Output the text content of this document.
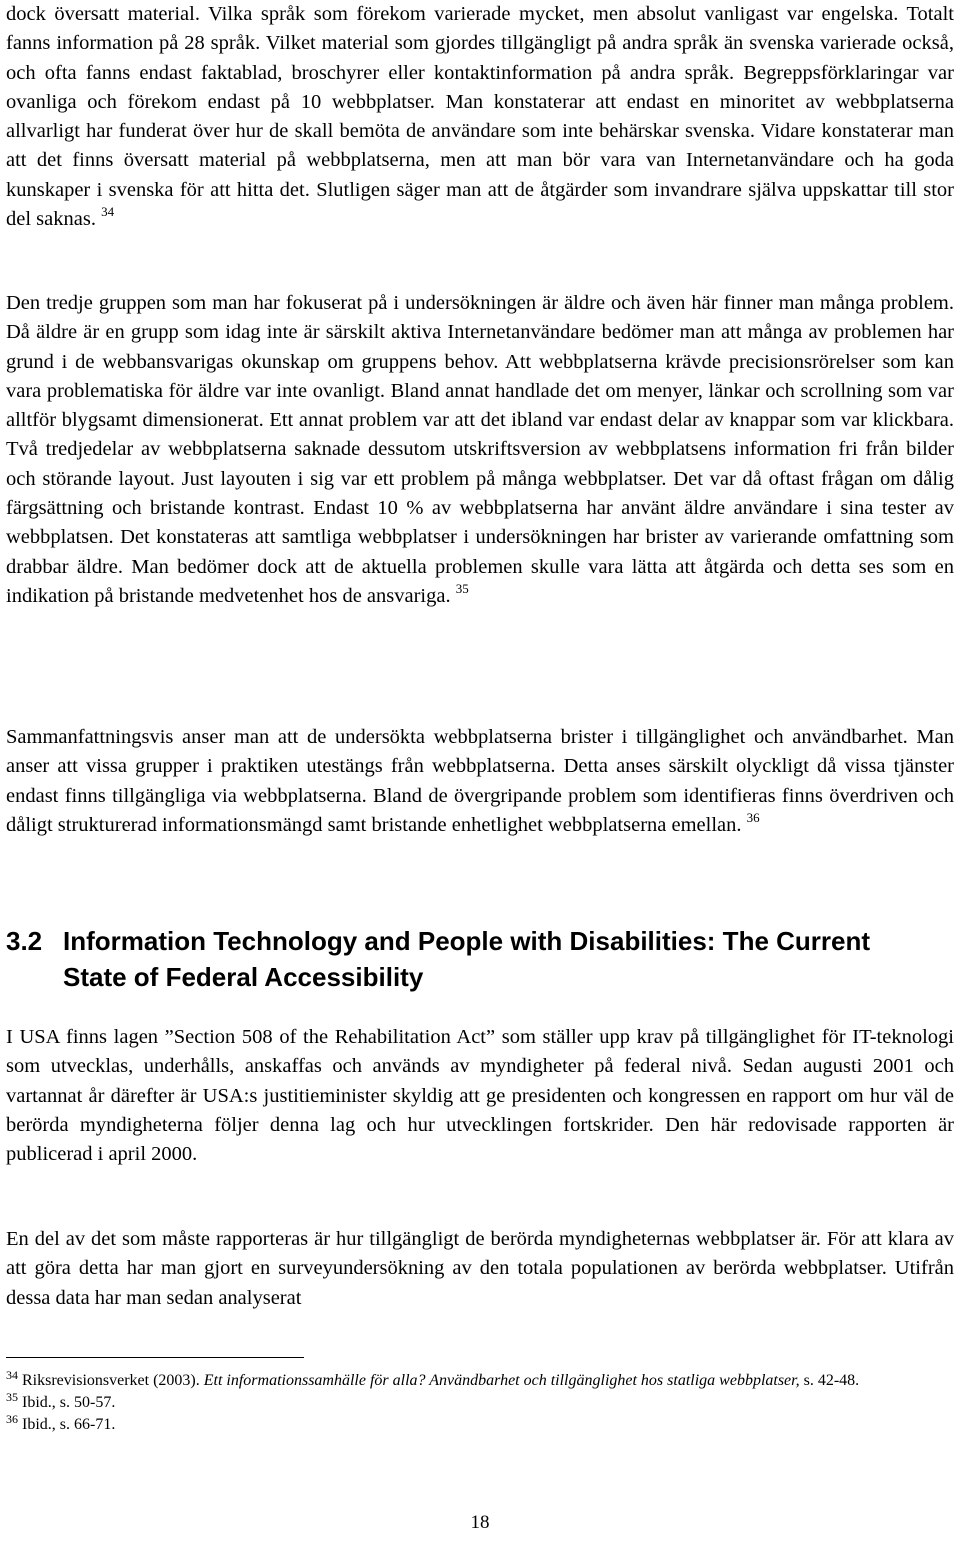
dock översatt material. Vilka språk som förekom varierade mycket, men absolut vanligast var engelska. Totalt fanns information på 28 språk. Vilket material som gjordes tillgängligt på andra språk än svenska varierade också, och ofta fanns endast faktablad, broschyrer eller kontaktinformation på andra språk. Begreppsförklaringar var ovanliga och förekom endast på 10 webbplatser. Man konstaterar att endast en minoritet av webbplatserna allvarligt har funderat över hur de skall bemöta de användare som inte behärskar svenska. Vidare konstaterar man att det finns översatt material på webbplatserna, men att man bör vara van Internetanvändare och ha goda kunskaper i svenska för att hitta det. Slutligen säger man att de åtgärder som invandrare själva uppskattar till stor del saknas. $^{34}$

Den tredje gruppen som man har fokuserat på i undersökningen är äldre och även här finner man många problem. Då äldre är en grupp som idag inte är särskilt aktiva Internetanvändare bedömer man att många av problemen har grund i de webbansvarigas okunskap om gruppens behov. Att webbplatserna krävde precisionsrörelser som kan vara problematiska för äldre var inte ovanligt. Bland annat handlade det om menyer, länkar och scrollning som var alltför blygsamt dimensionerat. Ett annat problem var att det ibland var endast delar av knappar som var klickbara. Två tredjedelar av webbplatserna saknade dessutom utskriftsversion av webbplatsens information fri från bilder och störande layout. Just layouten i sig var ett problem på många webbplatser. Det var då oftast frågan om dålig färgsättning och bristande kontrast. Endast 10 % av webbplatserna har använt äldre användare i sina tester av webbplatsen. Det konstateras att samtliga webbplatser i undersökningen har brister av varierande omfattning som drabbar äldre. Man bedömer dock att de aktuella problemen skulle vara lätta att åtgärda och detta ses som en indikation på bristande medvetenhet hos de ansvariga. $^{35}$

Sammanfattningsvis anser man att de undersökta webbplatserna brister i tillgänglighet och användbarhet. Man anser att vissa grupper i praktiken utestängs från webbplatserna. Detta anses särskilt olyckligt då vissa tjänster endast finns tillgängliga via webbplatserna. Bland de övergripande problem som identifieras finns överdriven och dåligt strukturerad informationsmängd samt bristande enhetlighet webbplatserna emellan. $^{36}$

3.2 Information Technology and People with Disabilities: The Current State of Federal Accessibility

I USA finns lagen ”Section 508 of the Rehabilitation Act” som ställer upp krav på tillgänglighet för IT-teknologi som utvecklas, underhålls, anskaffas och används av myndigheter på federal nivå. Sedan augusti 2001 och vartannat år därefter är USA:s justitieminister skyldig att ge presidenten och kongressen en rapport om hur väl de berörda myndigheterna följer denna lag och hur utvecklingen fortskrider. Den här redovisade rapporten är publicerad i april 2000.

En del av det som måste rapporteras är hur tillgängligt de berörda myndigheternas webbplatser är. För att klara av att göra detta har man gjort en surveyundersökning av den totala populationen av berörda webbplatser. Utifrån dessa data har man sedan analyserat

$^{34}$ Riksrevisionsverket (2003). Ett informationssamhälle för alla? Användbarhet och tillgänglighet hos statliga webbplatser, s. 42-48.

$^{35}$ Ibid., s. 50-57.

$^{36}$ Ibid., s. 66-71.

18
